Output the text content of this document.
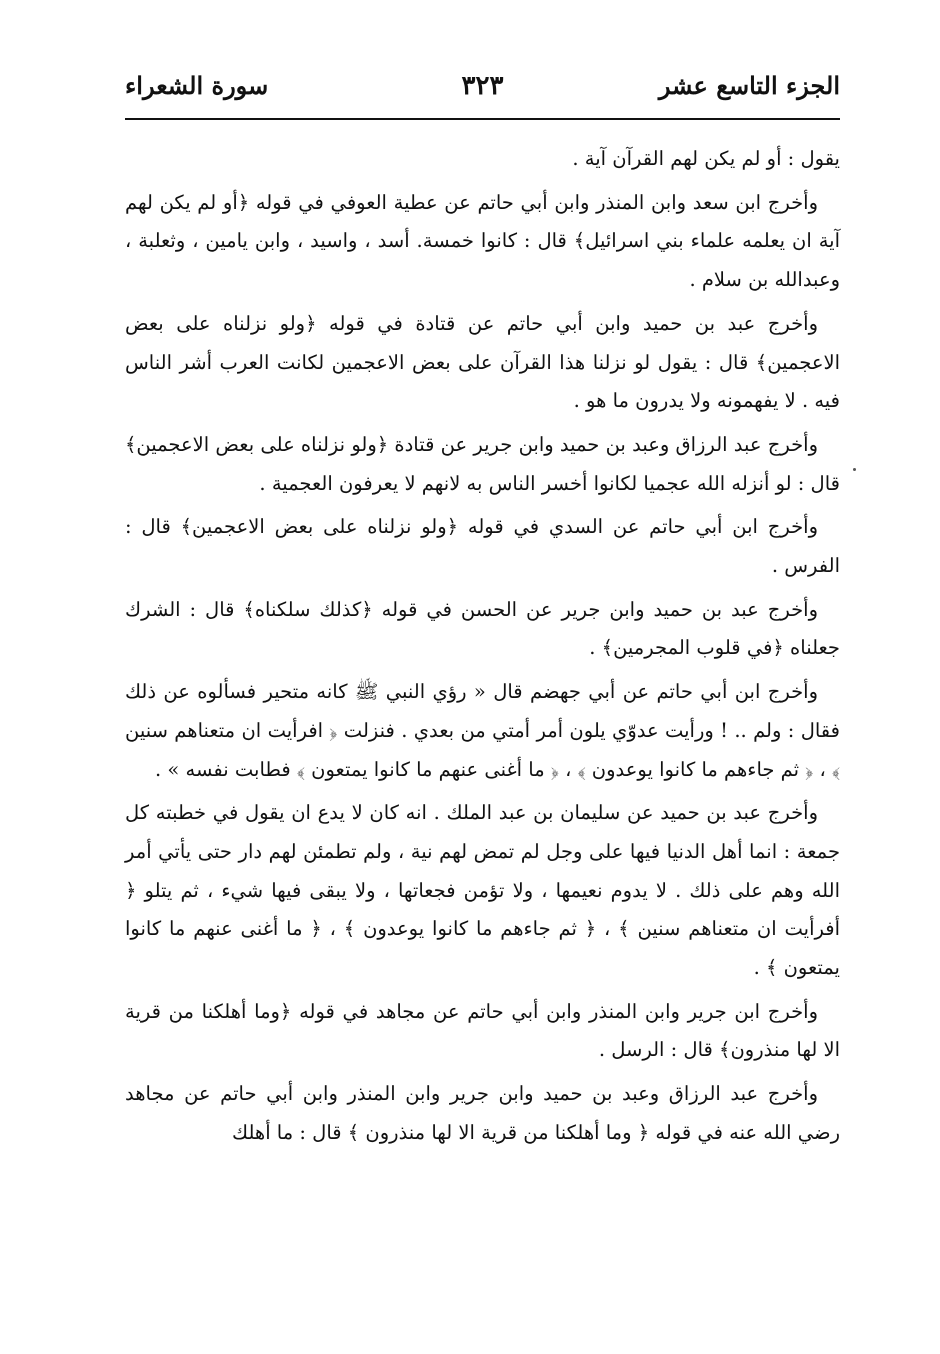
الجزء التاسع عشر
٣٢٣
سورة الشعراء

يقول : أو لم يكن لهم القرآن آية .

وأخرج ابن سعد وابن المنذر وابن أبي حاتم عن عطية العوفي في قوله ﴿أو لم يكن لهم آية ان يعلمه علماء بني اسرائيل﴾ قال : كانوا خمسة. أسد ، واسيد ، وابن يامين ، وثعلبة ، وعبدالله بن سلام .

وأخرج عبد بن حميد وابن أبي حاتم عن قتادة في قوله ﴿ولو نزلناه على بعض الاعجمين﴾ قال : يقول لو نزلنا هذا القرآن على بعض الاعجمين لكانت العرب أشر الناس فيه . لا يفهمونه ولا يدرون ما هو .

وأخرج عبد الرزاق وعبد بن حميد وابن جرير عن قتادة ﴿ولو نزلناه على بعض الاعجمين﴾ قال : لو أنزله الله عجميا لكانوا أخسر الناس به لانهم لا يعرفون العجمية .

وأخرج ابن أبي حاتم عن السدي في قوله ﴿ولو نزلناه على بعض الاعجمين﴾ قال : الفرس .

وأخرج عبد بن حميد وابن جرير عن الحسن في قوله ﴿كذلك سلكناه﴾ قال : الشرك جعلناه ﴿في قلوب المجرمين﴾ .

وأخرج ابن أبي حاتم عن أبي جهضم قال « رؤي النبي ﷺ كانه متحير فسألوه عن ذلك فقال : ولم .. ! ورأيت عدوّي يلون أمر أمتي من بعدي . فنزلت ﴿ افرأيت ان متعناهم سنين ﴾ ، ﴿ ثم جاءهم ما كانوا يوعدون ﴾ ، ﴿ ما أغنى عنهم ما كانوا يمتعون ﴾ فطابت نفسه » .

وأخرج عبد بن حميد عن سليمان بن عبد الملك . انه كان لا يدع ان يقول في خطبته كل جمعة : انما أهل الدنيا فيها على وجل لم تمض لهم نية ، ولم تطمئن لهم دار حتى يأتي أمر الله وهم على ذلك . لا يدوم نعيمها ، ولا تؤمن فجعاتها ، ولا يبقى فيها شيء ، ثم يتلو ﴿ أفرأيت ان متعناهم سنين ﴾ ، ﴿ ثم جاءهم ما كانوا يوعدون ﴾ ، ﴿ ما أغنى عنهم ما كانوا يمتعون ﴾ .

وأخرج ابن جرير وابن المنذر وابن أبي حاتم عن مجاهد في قوله ﴿وما أهلكنا من قرية الا لها منذرون﴾ قال : الرسل .

وأخرج عبد الرزاق وعبد بن حميد وابن جرير وابن المنذر وابن أبي حاتم عن مجاهد رضي الله عنه في قوله ﴿ وما أهلكنا من قرية الا لها منذرون ﴾ قال : ما أهلك
